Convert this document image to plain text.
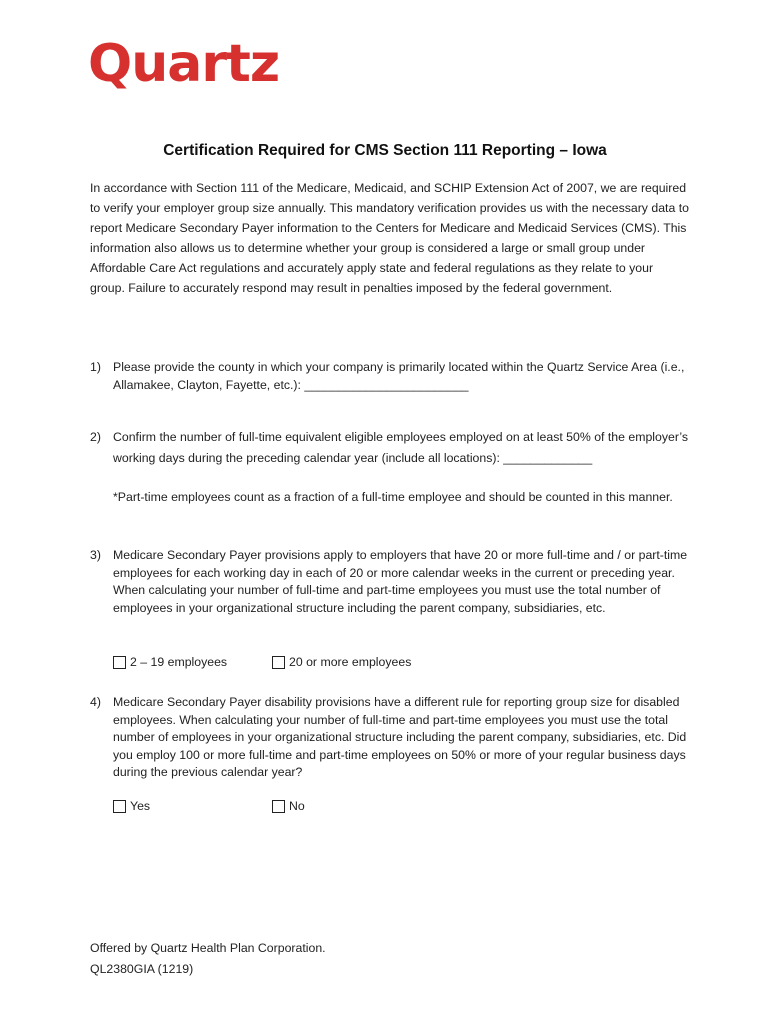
Quartz
Certification Required for CMS Section 111 Reporting – Iowa
In accordance with Section 111 of the Medicare, Medicaid, and SCHIP Extension Act of 2007, we are required to verify your employer group size annually. This mandatory verification provides us with the necessary data to report Medicare Secondary Payer information to the Centers for Medicare and Medicaid Services (CMS). This information also allows us to determine whether your group is considered a large or small group under Affordable Care Act regulations and accurately apply state and federal regulations as they relate to your group. Failure to accurately respond may result in penalties imposed by the federal government.
1) Please provide the county in which your company is primarily located within the Quartz Service Area (i.e., Allamakee, Clayton, Fayette, etc.): ________________________
2) Confirm the number of full-time equivalent eligible employees employed on at least 50% of the employer’s working days during the preceding calendar year (include all locations): _____________
*Part-time employees count as a fraction of a full-time employee and should be counted in this manner.
3) Medicare Secondary Payer provisions apply to employers that have 20 or more full-time and / or part-time employees for each working day in each of 20 or more calendar weeks in the current or preceding year. When calculating your number of full-time and part-time employees you must use the total number of employees in your organizational structure including the parent company, subsidiaries, etc.
2 – 19 employees	20 or more employees
4) Medicare Secondary Payer disability provisions have a different rule for reporting group size for disabled employees. When calculating your number of full-time and part-time employees you must use the total number of employees in your organizational structure including the parent company, subsidiaries, etc. Did you employ 100 or more full-time and part-time employees on 50% or more of your regular business days during the previous calendar year?
Yes	No
Offered by Quartz Health Plan Corporation.
QL2380GIA (1219)
